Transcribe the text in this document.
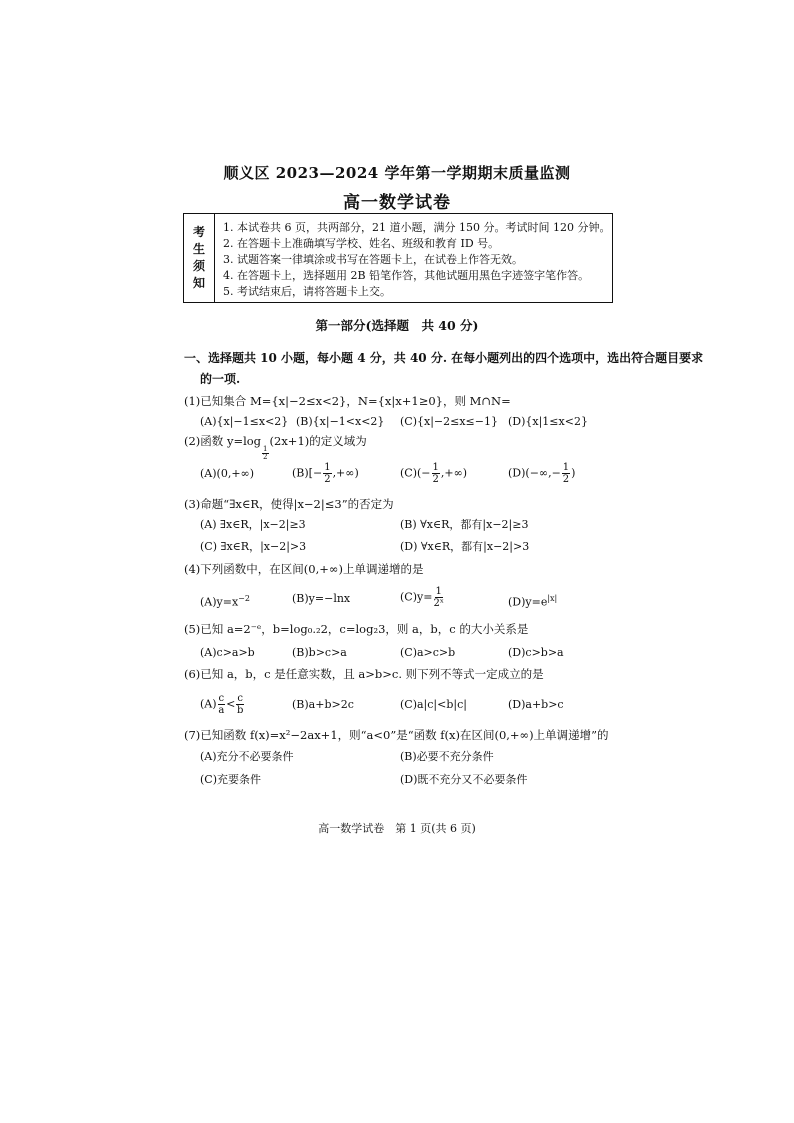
顺义区 2023—2024 学年第一学期期末质量监测
高一数学试卷
考
生
须
知
1. 本试卷共 6 页，共两部分，21 道小题，满分 150 分。考试时间 120 分钟。
2. 在答题卡上准确填写学校、姓名、班级和教育 ID 号。
3. 试题答案一律填涂或书写在答题卡上，在试卷上作答无效。
4. 在答题卡上，选择题用 2B 铅笔作答，其他试题用黑色字迹签字笔作答。
5. 考试结束后，请将答题卡上交。
第一部分(选择题　共 40 分)
一、选择题共 10 小题，每小题 4 分，共 40 分. 在每小题列出的四个选项中，选出符合题目要求
的一项.
(1)已知集合 M={x|−2≤x<2}，N={x|x+1≥0}，则 M∩N=
(A){x|−1≤x<2} (B){x|−1<x<2} (C){x|−2≤x≤−1} (D){x|1≤x<2}
(2)函数 y=log
$\frac{1}{2}$
(2x+1)的定义域为
(A)(0,+∞)	$(B)[- \frac{1}{2}$ ,+∞)	$(C)(- \frac{1}{2}$ ,+∞)	$(D)(-\infty,- \frac{1}{2}$ )
(3)命题“∃x∈R，使得|x−2|≤3”的否定为
(A) ∃x∈R，|x−2|≥3	(B) ∀x∈R，都有|x−2|≥3
(C) ∃x∈R，|x−2|>3	(D) ∀x∈R，都有|x−2|>3
(4)下列函数中，在区间(0,+∞)上单调递增的是
$(A)y=x^{-2}$	(B)y=−lnx	$(C)y= \frac{1}{\text{2ˣ}}$	$(D)y=e^{|x|}$
(5)已知 a=2⁻ᵉ，b=log₀.₂2，c=log₂3，则 a，b，c 的大小关系是
(A)c>a>b	(B)b>c>a	(C)a>c>b	(D)c>b>a
(6)已知 a，b，c 是任意实数，且 a>b>c. 则下列不等式一定成立的是
$(A) \frac{c}{a} < \frac{c}{b}$	(B)a+b>2c	(C)a|c|<b|c|	(D)a+b>c
(7)已知函数 f(x)=x²−2ax+1，则“a<0”是“函数 f(x)在区间(0,+∞)上单调递增”的
(A)充分不必要条件	(B)必要不充分条件
(C)充要条件	(D)既不充分又不必要条件
高一数学试卷　第 1 页(共 6 页)
